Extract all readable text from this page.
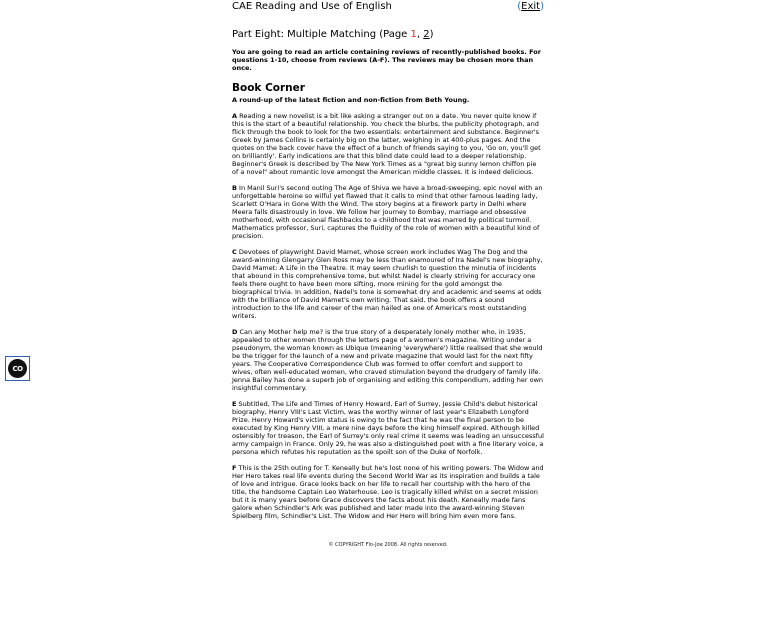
CAE Reading and Use of English	(Exit)
Part Eight: Multiple Matching (Page 1, 2)
You are going to read an article containing reviews of recently-published books. For questions 1-10, choose from reviews (A-F). The reviews may be chosen more than once.
Book Corner
A round-up of the latest fiction and non-fiction from Beth Young.
A Reading a new novelist is a bit like asking a stranger out on a date. You never quite know if this is the start of a beautiful relationship. You check the blurbs, the publicity photograph, and flick through the book to look for the two essentials: entertainment and substance. Beginner's Greek by James Collins is certainly big on the latter, weighing in at 400-plus pages. And the quotes on the back cover have the effect of a bunch of friends saying to you, 'Go on, you'll get on brilliantly'. Early indications are that this blind date could lead to a deeper relationship. Beginner's Greek is described by The New York Times as a "great big sunny lemon chiffon pie of a novel" about romantic love amongst the American middle classes. It is indeed delicious.
B In Manil Suri's second outing The Age of Shiva we have a broad-sweeping, epic novel with an unforgettable heroine so wilful yet flawed that it calls to mind that other famous leading lady, Scarlett O'Hara in Gone With the Wind. The story begins at a firework party in Delhi where Meera falls disastrously in love. We follow her journey to Bombay, marriage and obsessive motherhood, with occasional flashbacks to a childhood that was marred by political turmoil. Mathematics professor, Suri, captures the fluidity of the role of women with a beautiful kind of precision.
C Devotees of playwright David Mamet, whose screen work includes Wag The Dog and the award-winning Glengarry Glen Ross may be less than enamoured of Ira Nadel's new biography, David Mamet: A Life in the Theatre. It may seem churlish to question the minutia of incidents that abound in this comprehensive tome, but whilst Nadel is clearly striving for accuracy one feels there ought to have been more sifting, more mining for the gold amongst the biographical trivia. In addition, Nadel's tone is somewhat dry and academic and seems at odds with the brilliance of David Mamet's own writing. That said, the book offers a sound introduction to the life and career of the man hailed as one of America's most outstanding writers.
D Can any Mother help me? is the true story of a desperately lonely mother who, in 1935, appealed to other women through the letters page of a women's magazine. Writing under a pseudonym, the woman known as Ubique (meaning 'everywhere') little realised that she would be the trigger for the launch of a new and private magazine that would last for the next fifty years. The Cooperative Correspondence Club was formed to offer comfort and support to wives, often well-educated women, who craved stimulation beyond the drudgery of family life. Jenna Bailey has done a superb job of organising and editing this compendium, adding her own insightful commentary.
E Subtitled, The Life and Times of Henry Howard, Earl of Surrey, Jessie Child's debut historical biography, Henry VIII's Last Victim, was the worthy winner of last year's Elizabeth Longford Prize. Henry Howard's victim status is owing to the fact that he was the final person to be executed by King Henry VIII, a mere nine days before the king himself expired. Although killed ostensibly for treason, the Earl of Surrey's only real crime it seems was leading an unsuccessful army campaign in France. Only 29, he was also a distinguished poet with a fine literary voice, a persona which refutes his reputation as the spoilt son of the Duke of Norfolk.
F This is the 25th outing for T. Keneally but he's lost none of his writing powers. The Widow and Her Hero takes real life events during the Second World War as its inspiration and builds a tale of love and intrigue. Grace looks back on her life to recall her courtship with the hero of the title, the handsome Captain Leo Waterhouse. Leo is tragically killed whilst on a secret mission but it is many years before Grace discovers the facts about his death. Keneally made fans galore when Schindler's Ark was published and later made into the award-winning Steven Spielberg film, Schindler's List. The Widow and Her Hero will bring him even more fans.
© COPYRIGHT Flo-Joe 2008. All rights reserved.
CO
